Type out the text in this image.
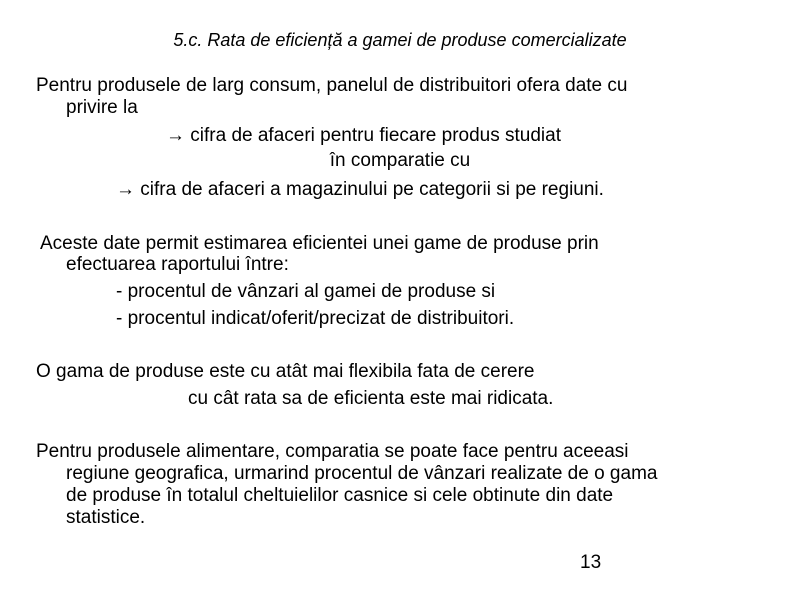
5.c. Rata de eficiență a gamei de produse comercializate
Pentru produsele de larg consum, panelul de distribuitori ofera date cu
privire la
→ cifra de afaceri pentru fiecare produs studiat
în comparatie cu
→ cifra de afaceri a magazinului pe categorii si pe regiuni.
Aceste date permit estimarea eficientei unei game de produse prin
efectuarea raportului între:
- procentul de vânzari al gamei de produse si
- procentul indicat/oferit/precizat de distribuitori.
O gama de produse este cu atât mai flexibila fata de cerere
cu cât rata sa de eficienta este mai ridicata.
Pentru produsele alimentare, comparatia se poate face pentru aceeasi
regiune geografica, urmarind procentul de vânzari realizate de o gama
de produse în totalul cheltuielilor casnice si cele obtinute din date
statistice.
13
